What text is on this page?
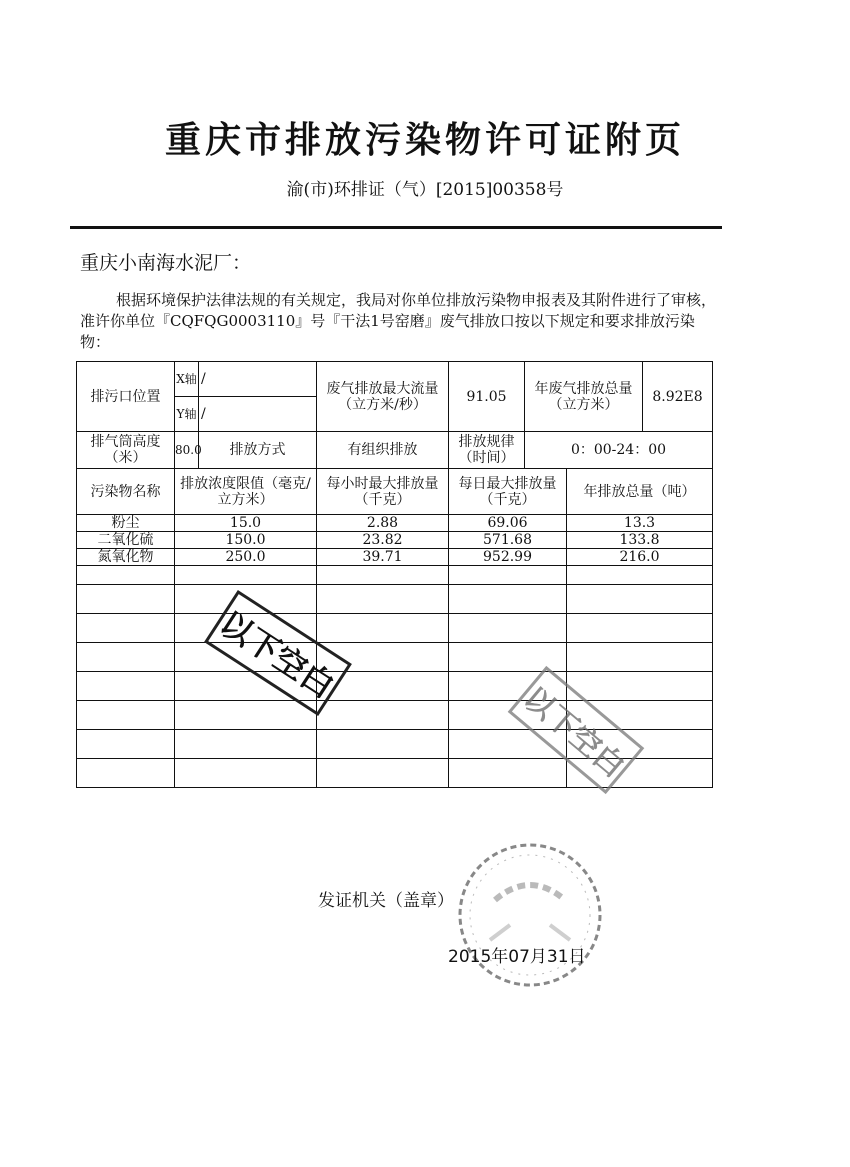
重庆市排放污染物许可证附页
渝(市)环排证（气）[2015]00358号
重庆小南海水泥厂：
根据环境保护法律法规的有关规定，我局对你单位排放污染物申报表及其附件进行了审核，准许你单位『CQFQG0003110』号『干法1号窑磨』废气排放口按以下规定和要求排放污染物：
排污口位置	X轴	/	废气排放最大流量（立方米/秒）	91.05	年废气排放总量（立方米）		8.92E8
	Y轴	/					
排气筒高度（米）	80.0	排放方式	有组织排放	排放规律（时间）	0：00-24：00		
污染物名称	排放浓度限值（毫克/立方米）		每小时最大排放量（千克）	每日最大排放量（千克）		年排放总量（吨）	
粉尘	15.0		2.88	69.06		13.3	
二氧化硫	150.0		23.82	571.68		133.8	
氮氧化物	250.0		39.71	952.99		216.0	

以下空白
以下空白
发证机关（盖章）
2015年07月31日
